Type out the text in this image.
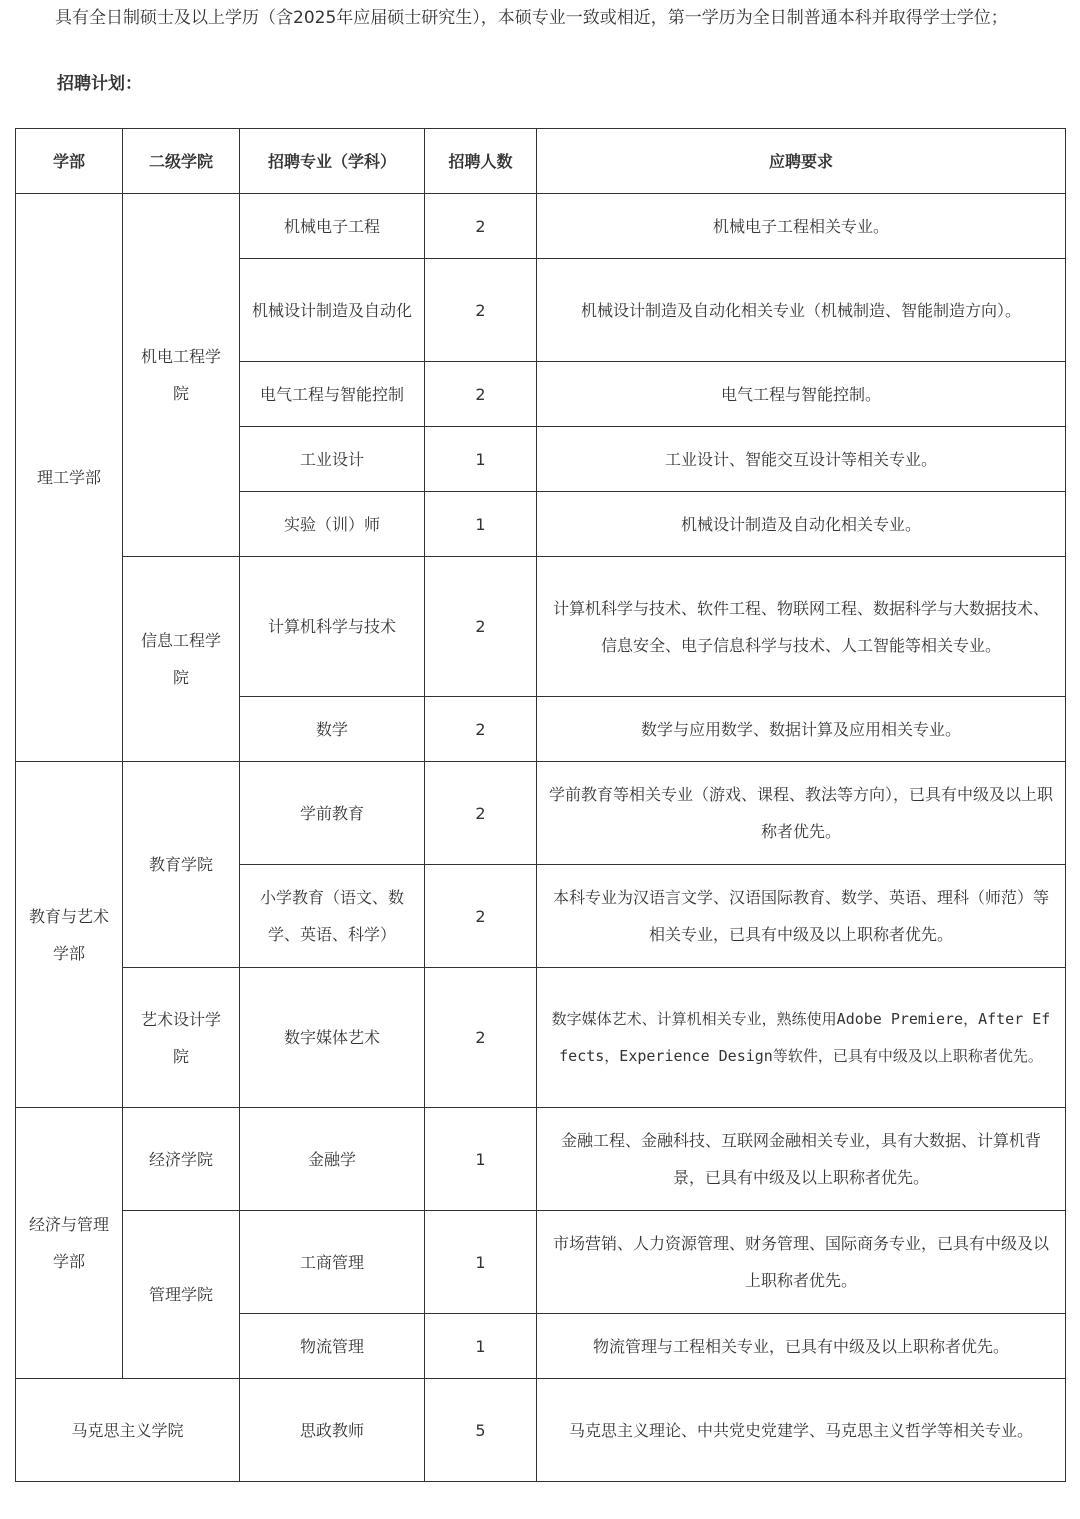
具有全日制硕士及以上学历（含2025年应届硕士研究生），本硕专业一致或相近，第一学历为全日制普通本科并取得学士学位；

招聘计划：

学部	二级学院	招聘专业（学科）	招聘人数	应聘要求
理工学部	机电工程学院	机械电子工程	2	机械电子工程相关专业。
		机械设计制造及自动化	2	机械设计制造及自动化相关专业（机械制造、智能制造方向）。
		电气工程与智能控制	2	电气工程与智能控制。
		工业设计	1	工业设计、智能交互设计等相关专业。
		实验（训）师	1	机械设计制造及自动化相关专业。
	信息工程学院	计算机科学与技术	2	计算机科学与技术、软件工程、物联网工程、数据科学与大数据技术、信息安全、电子信息科学与技术、人工智能等相关专业。
		数学	2	数学与应用数学、数据计算及应用相关专业。
教育与艺术学部	教育学院	学前教育	2	学前教育等相关专业（游戏、课程、教法等方向），已具有中级及以上职称者优先。
		小学教育（语文、数学、英语、科学）	2	本科专业为汉语言文学、汉语国际教育、数学、英语、理科（师范）等相关专业，已具有中级及以上职称者优先。
	艺术设计学院	数字媒体艺术	2	数字媒体艺术、计算机相关专业，熟练使用Adobe Premiere，After Effects，Experience Design等软件，已具有中级及以上职称者优先。
经济与管理学部	经济学院	金融学	1	金融工程、金融科技、互联网金融相关专业，具有大数据、计算机背景，已具有中级及以上职称者优先。
	管理学院	工商管理	1	市场营销、人力资源管理、财务管理、国际商务专业，已具有中级及以上职称者优先。
		物流管理	1	物流管理与工程相关专业，已具有中级及以上职称者优先。
马克思主义学院		思政教师	5	马克思主义理论、中共党史党建学、马克思主义哲学等相关专业。
